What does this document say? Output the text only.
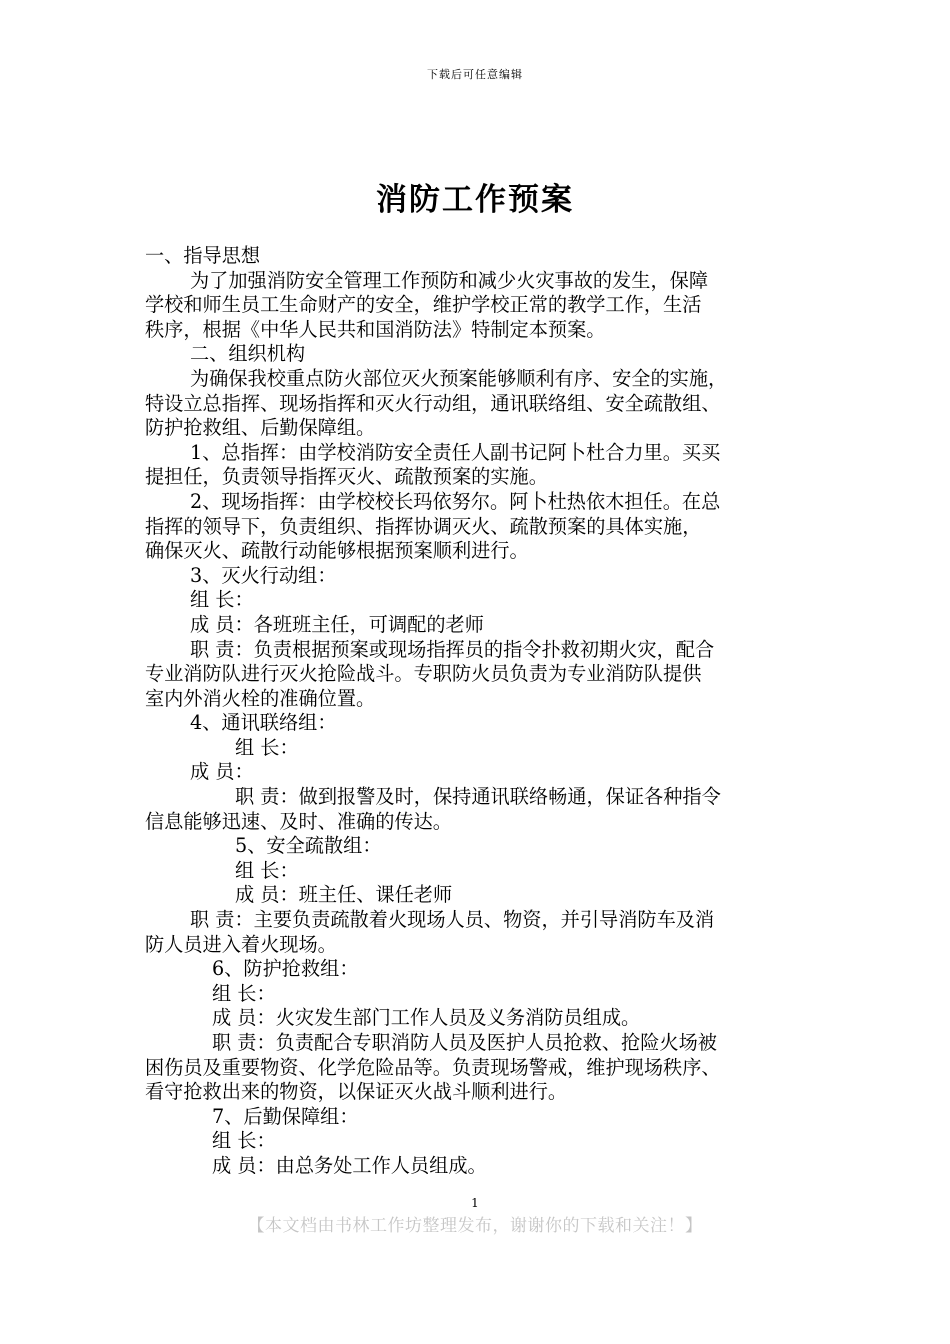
下载后可任意编辑
消防工作预案

一、指导思想

为了加强消防安全管理工作预防和减少火灾事故的发生，保障

学校和师生员工生命财产的安全，维护学校正常的教学工作，生活

秩序，根据《中华人民共和国消防法》特制定本预案。

二、组织机构

为确保我校重点防火部位灭火预案能够顺利有序、安全的实施，

特设立总指挥、现场指挥和灭火行动组，通讯联络组、安全疏散组、

防护抢救组、后勤保障组。

1、总指挥：由学校消防安全责任人副书记阿卜杜合力里。买买

提担任，负责领导指挥灭火、疏散预案的实施。

2、现场指挥：由学校校长玛依努尔。阿卜杜热依木担任。在总

指挥的领导下，负责组织、指挥协调灭火、疏散预案的具体实施，

确保灭火、疏散行动能够根据预案顺利进行。

3、灭火行动组：

组 长：

成 员：各班班主任，可调配的老师

职 责：负责根据预案或现场指挥员的指令扑救初期火灾，配合

专业消防队进行灭火抢险战斗。专职防火员负责为专业消防队提供

室内外消火栓的准确位置。

4、通讯联络组：

组 长：

成 员：

职 责：做到报警及时，保持通讯联络畅通，保证各种指令

信息能够迅速、及时、准确的传达。

5、安全疏散组：

组 长：

成 员：班主任、课任老师

职 责：主要负责疏散着火现场人员、物资，并引导消防车及消

防人员进入着火现场。

6、防护抢救组：

组 长：

成 员：火灾发生部门工作人员及义务消防员组成。

职 责：负责配合专职消防人员及医护人员抢救、抢险火场被

困伤员及重要物资、化学危险品等。负责现场警戒，维护现场秩序、

看守抢救出来的物资，以保证灭火战斗顺利进行。

7、后勤保障组：

组 长：

成 员：由总务处工作人员组成。

1
【本文档由书林工作坊整理发布，谢谢你的下载和关注！】
